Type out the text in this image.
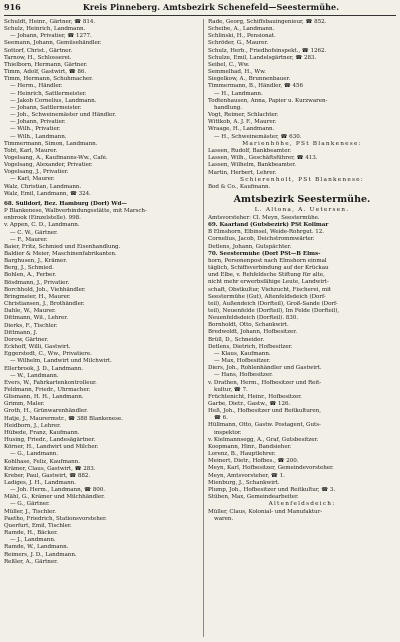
916	Kreis Pinneberg. Amtsbezirk Schenefeld—Seestermühe.
Schuldt, Heinr., Gärtner, ☎ 814.
Schulz, Heinrich, Landmann.
— Johann, Privatier, ☎ 1277.
Seemann, Johann, Gemüsehändler.
Sottorf, Christ., Gärtner.
Tarnow, H., Schlosserei.
Thielborn, Hermann, Gärtner.
Timm, Adolf, Gastwirt, ☎ 86.
Timm, Hermann, Schuhmacher.
— Herm., Händler.
— Heinrich, Sattlermeister.
— Jakob Cornelius, Landmann.
— Johann, Sattlermeister.
— Joh., Schweinemäster und Händler.
— Johann, Privatier.
— Wilh., Privatier.
— Wilh., Landmann.
Timmermann, Simon, Landmann.
Tobt, Karl, Maurer.
Vogelsang, A., Kaufmanns-Ww., Café.
Vogelsang, Alexander, Privatier.
Vogelsang, J., Privatier.
— Karl, Maurer.
Walz, Christian, Landmann.
Walz, Emil, Landmann, ☎ 324.
68. Sülldorf, Bez. Hamburg (Dorf) Wd—
P Blankenese, Walbverbindungsstätte, mit Marsch-
enbrook (Einzelstelle). 998.
v. Appen, C. D., Landmann.
— C. W., Gärtner.
— F., Maurer.
Baier, Fritz, Schmied und Eisenhandlung.
Baldier & Meier, Maschinenfabrikanten.
Barghusen, J., Krämer.
Berg, J., Schmied.
Bohlen, A., Ferber.
Bösdmann, J., Privatier.
Borchhold, Joh., Viehhändler.
Bringmeier, H., Maurer.
Christiansen, J., Brothändler.
Dahle, W., Maurer.
Dittmann, Wil., Lehrer.
Dierks, F., Tischler.
Dittmann, J.
Dorow, Gärtner.
Eckhoff, Willi, Gastwirt.
Eggerstedt, C., Ww., Privatiere.
— Wilhelm, Landwirt und Milchwirt.
Ellerbrook, J. D., Landmann.
— W., Landmann.
Evers, W., Fahrkartenkontrolleur.
Feldmann, Friedr., Uhrmacher.
Glismann, H. H., Landmann.
Grimm, Maler.
Groth, H., Grünwarenhändler.
Hatje, J., Maurermstr., ☎ 388 Blankenese.
Heidborn, J., Lehrer.
Hübede, Franz, Kaufmann.
Husing, Friedr., Landesägärtner.
Körner, H., Landwirt und Milcher.
— G., Landmann.
Kohlhase, Feliz, Kaufmann.
Krämer, Claus, Gastwirt, ☎ 283.
Kreber, Paul, Gastwirt, ☎ 882.
Ladiges, J. H., Landmann.
— Joh. Herm., Landmann, ☎ 800.
Mähl, G., Krämer und Milchhändler.
— G., Gärtner.
Müller, J., Tischler.
Paetho, Friedrich, Stationsvorsteher.
Querfurt, Emil, Tischler.
Ramde, H., Bäcker.
— J., Landmann.
Ramde, W., Landmann.
Reimers, J. D., Landmann.
Reßler, A., Gärtner.
Rade, Georg, Schiffsbauingenieur, ☎ 852.
Scheibe, A., Landmann.
Schlinski, H., Pensionat.
Schröder, G., Maurer.
Schulz, Herb., Friedhofsinspekt., ☎ 1262.
Schulze, Emil, Landelsgärtner, ☎ 283.
Seibel, C., Ww.
Semmelhad, H., Ww.
Siegelkow, A., Brunnenbauer.
Timmermann, B., Händler, ☎ 456
— H., Landmann.
Todtenhausen, Anna, Papier u. Kurzwaren-
handlung.
Vogt, Reimer, Schlachter.
Wittkob, A. J. F., Maurer.
Wraage, H., Landmann.
— H., Schweinemäster, ☎ 630.
Marienhöhe, PSt Blankenese:
Lassen, Rudolf, Bankbeamter.
Lassen, Wilh., Geschäftsführer, ☎ 413.
Lassen, Wilhelm, Bankbeamter.
Martin, Herbert, Lehrer.
Schierenholt, PSt Blankenese:
Bod & Co., Kaufmann.
Amtsbezirk Seestermühe.
L. Altona, A. Uetersen.
Amtsvorsteher: Cl. Meyn, Seestermühe.
69. Kaarfand (Gutsbezirk) PSt Kollmar
B Elmshorn, Elbinsel, Weide-Rohrgut. 12.
Cornelius, Jacob, Deichstrommwärter.
Detlens, Johann, Gutspächter.
70. Seestermühe (Dorf PSt—B Elms-
horn, Personenpost nach Elmshorn einmal
täglich, Schiffsverbindung auf der Krückau
und Elbe, v. Rehfeldsche Stiftung für alte,
nicht mehr erwerbsfähige Leute, Landwirt-
schaft, Obstkultur, Viehzucht, Fischerei, mit
Seestermühe (Gut), Altenfeldsdeich (Dorf-
teil), Außendeich (Dorfteil), Groß-Sande (Dorf-
teil), Neuenfelde (Dorfteil), Im Felde (Dorfteil),
Neuenfeldsdeich (Dorfteil). 830.
Bornholdt, Otto, Schankwirt.
Bredwoldt, Johann, Hofbesitzer.
Brüll, D., Schneider.
Detlens, Dietrich, Hofbesitzer.
— Klaus, Kaufmann.
— Max, Hofbesitzer.
Diers, Joh., Rohlenhändler und Gastwirt.
— Hans, Hofbesitzer.
v. Drathen, Herm., Hofbesitzer und Reit-
kultur, ☎ 7.
Früchtenicht, Heinr., Hofbesitzer.
Garbe, Dietr., Gastw., ☎ 126.
Heß, Joh., Hofbesitzer und Reitkulturen,
☎ 6.
Hüllmann, Otto, Gastw. Postagent, Guts-
inspektor.
v. Kielmannsegg, A., Graf, Gutsbesitzer.
Koopmann, Hinr., Bandsieher.
Lorenz, B., Hauptlehrer.
Meinert, Dietr., Hofbes., ☎ 200.
Meyn, Karl, Hofbesitzer, Gemeindevorsteher.
Meyn, Amtsvorsteher, ☎ 1.
Mienburg, J., Schankwirt.
Plump, Joh., Hofbesitzer und Reitkultur, ☎ 3.
Stüben, Max, Gemeindearbeiter.
Altenfeldsdeich:
Müller, Claus, Kolonial- und Manufaktur-
waren.
